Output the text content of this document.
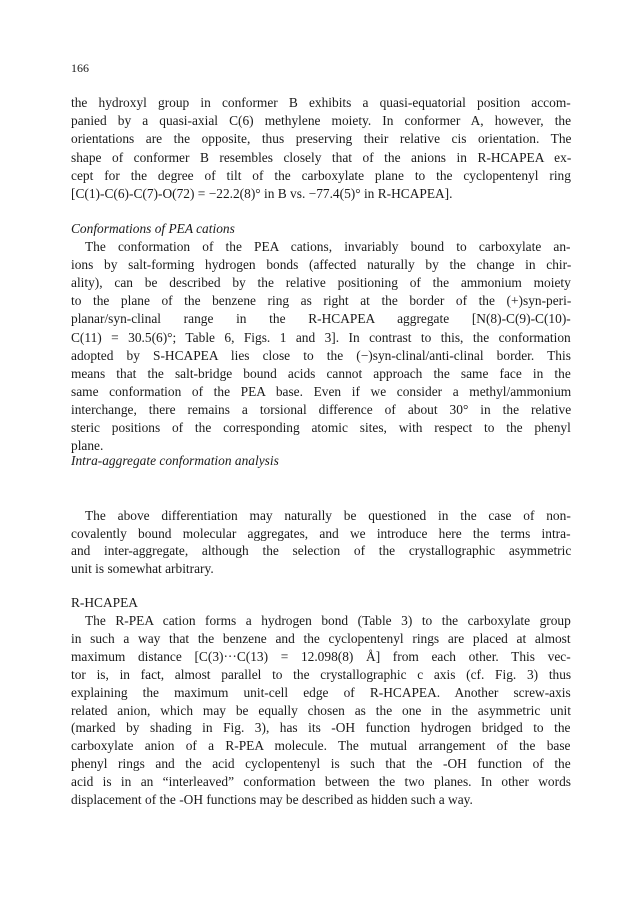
166
the hydroxyl group in conformer B exhibits a quasi-equatorial position accom-
panied by a quasi-axial C(6) methylene moiety. In conformer A, however, the
orientations are the opposite, thus preserving their relative cis orientation. The
shape of conformer B resembles closely that of the anions in R-HCAPEA ex-
cept for the degree of tilt of the carboxylate plane to the cyclopentenyl ring
[C(1)-C(6)-C(7)-O(72) = −22.2(8)° in B vs. −77.4(5)° in R-HCAPEA].
Conformations of PEA cations
The conformation of the PEA cations, invariably bound to carboxylate an-
ions by salt-forming hydrogen bonds (affected naturally by the change in chir-
ality), can be described by the relative positioning of the ammonium moiety
to the plane of the benzene ring as right at the border of the (+)syn-peri-
planar/syn-clinal range in the R-HCAPEA aggregate [N(8)-C(9)-C(10)-
C(11) = 30.5(6)°; Table 6, Figs. 1 and 3]. In contrast to this, the conformation
adopted by S-HCAPEA lies close to the (−)syn-clinal/anti-clinal border. This
means that the salt-bridge bound acids cannot approach the same face in the
same conformation of the PEA base. Even if we consider a methyl/ammonium
interchange, there remains a torsional difference of about 30° in the relative
steric positions of the corresponding atomic sites, with respect to the phenyl
plane.
Intra-aggregate conformation analysis
The above differentiation may naturally be questioned in the case of non-
covalently bound molecular aggregates, and we introduce here the terms intra-
and inter-aggregate, although the selection of the crystallographic asymmetric
unit is somewhat arbitrary.
R-HCAPEA
The R-PEA cation forms a hydrogen bond (Table 3) to the carboxylate group
in such a way that the benzene and the cyclopentenyl rings are placed at almost
maximum distance [C(3)···C(13) = 12.098(8) Å] from each other. This vec-
tor is, in fact, almost parallel to the crystallographic c axis (cf. Fig. 3) thus
explaining the maximum unit-cell edge of R-HCAPEA. Another screw-axis
related anion, which may be equally chosen as the one in the asymmetric unit
(marked by shading in Fig. 3), has its -OH function hydrogen bridged to the
carboxylate anion of a R-PEA molecule. The mutual arrangement of the base
phenyl rings and the acid cyclopentenyl is such that the -OH function of the
acid is in an “interleaved” conformation between the two planes. In other words
displacement of the -OH functions may be described as hidden such a way.
